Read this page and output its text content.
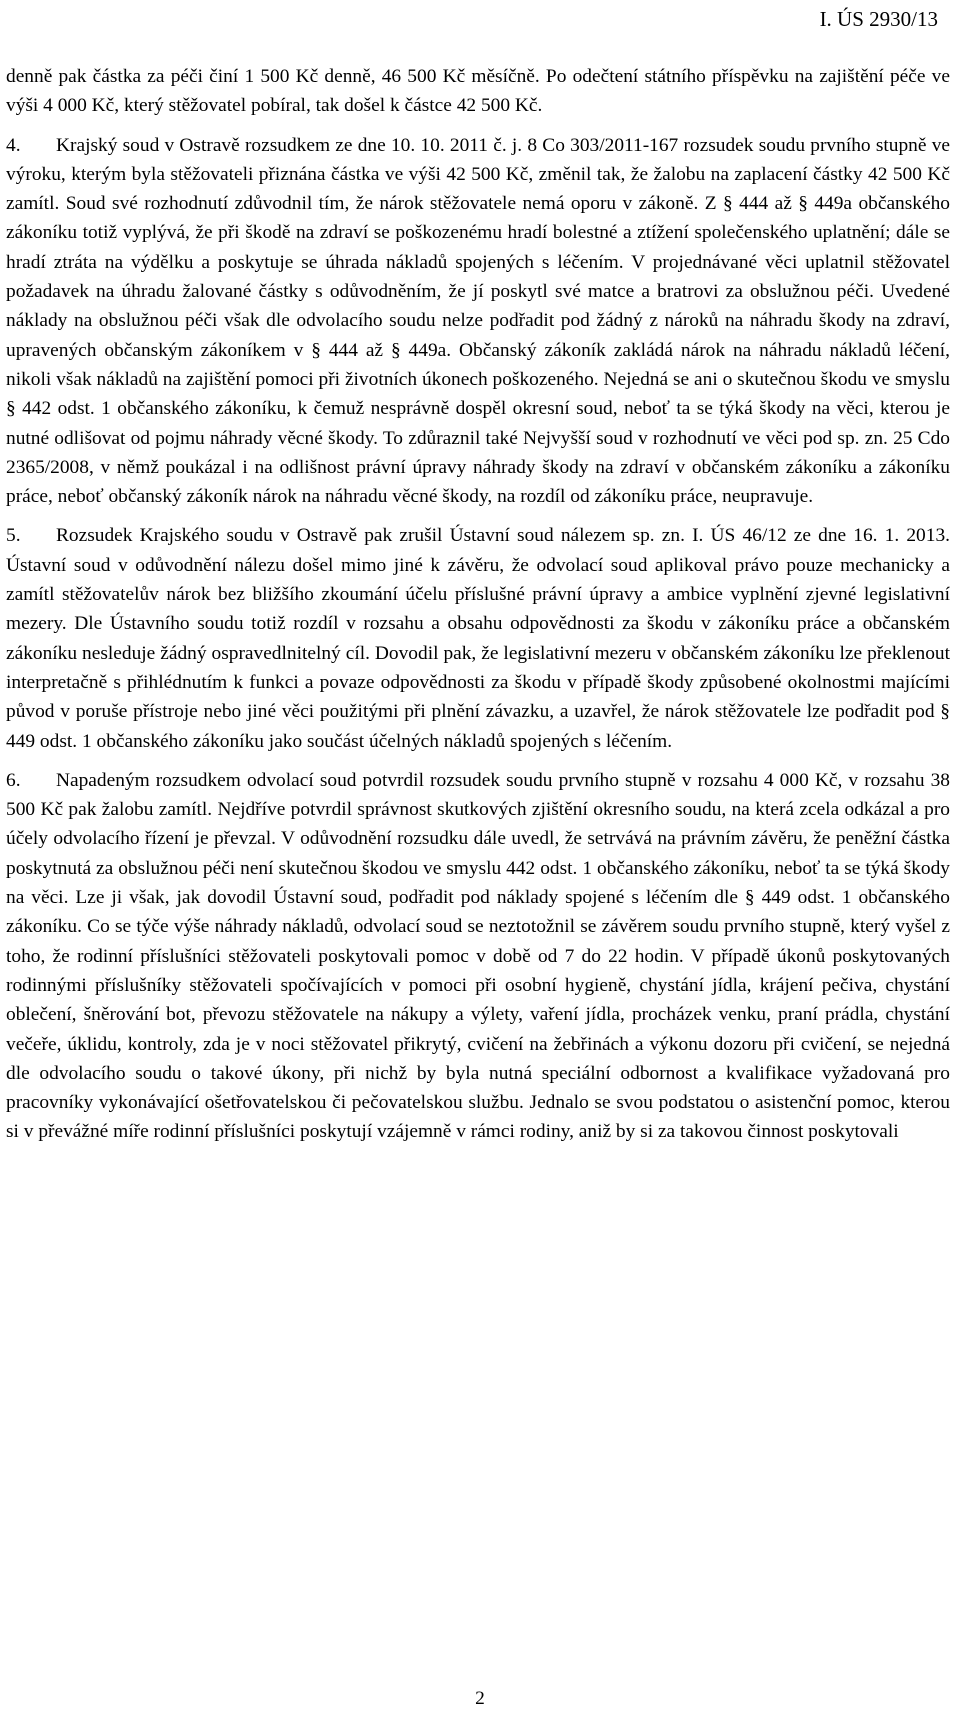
I. ÚS 2930/13

denně pak částka za péči činí 1 500 Kč denně, 46 500 Kč měsíčně. Po odečtení státního příspěvku na zajištění péče ve výši 4 000 Kč, který stěžovatel pobíral, tak došel k částce 42 500 Kč.

4. Krajský soud v Ostravě rozsudkem ze dne 10. 10. 2011 č. j. 8 Co 303/2011-167 rozsudek soudu prvního stupně ve výroku, kterým byla stěžovateli přiznána částka ve výši 42 500 Kč, změnil tak, že žalobu na zaplacení částky 42 500 Kč zamítl. Soud své rozhodnutí zdůvodnil tím, že nárok stěžovatele nemá oporu v zákoně. Z § 444 až § 449a občanského zákoníku totiž vyplývá, že při škodě na zdraví se poškozenému hradí bolestné a ztížení společenského uplatnění; dále se hradí ztráta na výdělku a poskytuje se úhrada nákladů spojených s léčením. V projednávané věci uplatnil stěžovatel požadavek na úhradu žalované částky s odůvodněním, že jí poskytl své matce a bratrovi za obslužnou péči. Uvedené náklady na obslužnou péči však dle odvolacího soudu nelze podřadit pod žádný z nároků na náhradu škody na zdraví, upravených občanským zákoníkem v § 444 až § 449a. Občanský zákoník zakládá nárok na náhradu nákladů léčení, nikoli však nákladů na zajištění pomoci při životních úkonech poškozeného. Nejedná se ani o skutečnou škodu ve smyslu § 442 odst. 1 občanského zákoníku, k čemuž nesprávně dospěl okresní soud, neboť ta se týká škody na věci, kterou je nutné odlišovat od pojmu náhrady věcné škody. To zdůraznil také Nejvyšší soud v rozhodnutí ve věci pod sp. zn. 25 Cdo 2365/2008, v němž poukázal i na odlišnost právní úpravy náhrady škody na zdraví v občanském zákoníku a zákoníku práce, neboť občanský zákoník nárok na náhradu věcné škody, na rozdíl od zákoníku práce, neupravuje.

5. Rozsudek Krajského soudu v Ostravě pak zrušil Ústavní soud nálezem sp. zn. I. ÚS 46/12 ze dne 16. 1. 2013. Ústavní soud v odůvodnění nálezu došel mimo jiné k závěru, že odvolací soud aplikoval právo pouze mechanicky a zamítl stěžovatelův nárok bez bližšího zkoumání účelu příslušné právní úpravy a ambice vyplnění zjevné legislativní mezery. Dle Ústavního soudu totiž rozdíl v rozsahu a obsahu odpovědnosti za škodu v zákoníku práce a občanském zákoníku nesleduje žádný ospravedlnitelný cíl. Dovodil pak, že legislativní mezeru v občanském zákoníku lze překlenout interpretačně s přihlédnutím k funkci a povaze odpovědnosti za škodu v případě škody způsobené okolnostmi majícími původ v poruše přístroje nebo jiné věci použitými při plnění závazku, a uzavřel, že nárok stěžovatele lze podřadit pod § 449 odst. 1 občanského zákoníku jako součást účelných nákladů spojených s léčením.

6. Napadeným rozsudkem odvolací soud potvrdil rozsudek soudu prvního stupně v rozsahu 4 000 Kč, v rozsahu 38 500 Kč pak žalobu zamítl. Nejdříve potvrdil správnost skutkových zjištění okresního soudu, na která zcela odkázal a pro účely odvolacího řízení je převzal. V odůvodnění rozsudku dále uvedl, že setrvává na právním závěru, že peněžní částka poskytnutá za obslužnou péči není skutečnou škodou ve smyslu 442 odst. 1 občanského zákoníku, neboť ta se týká škody na věci. Lze ji však, jak dovodil Ústavní soud, podřadit pod náklady spojené s léčením dle § 449 odst. 1 občanského zákoníku. Co se týče výše náhrady nákladů, odvolací soud se neztotožnil se závěrem soudu prvního stupně, který vyšel z toho, že rodinní příslušníci stěžovateli poskytovali pomoc v době od 7 do 22 hodin. V případě úkonů poskytovaných rodinnými příslušníky stěžovateli spočívajících v pomoci při osobní hygieně, chystání jídla, krájení pečiva, chystání oblečení, šněrování bot, převozu stěžovatele na nákupy a výlety, vaření jídla, procházek venku, praní prádla, chystání večeře, úklidu, kontroly, zda je v noci stěžovatel přikrytý, cvičení na žebřinách a výkonu dozoru při cvičení, se nejedná dle odvolacího soudu o takové úkony, při nichž by byla nutná speciální odbornost a kvalifikace vyžadovaná pro pracovníky vykonávající ošetřovatelskou či pečovatelskou službu. Jednalo se svou podstatou o asistenční pomoc, kterou si v převážné míře rodinní příslušníci poskytují vzájemně v rámci rodiny, aniž by si za takovou činnost poskytovali

2
